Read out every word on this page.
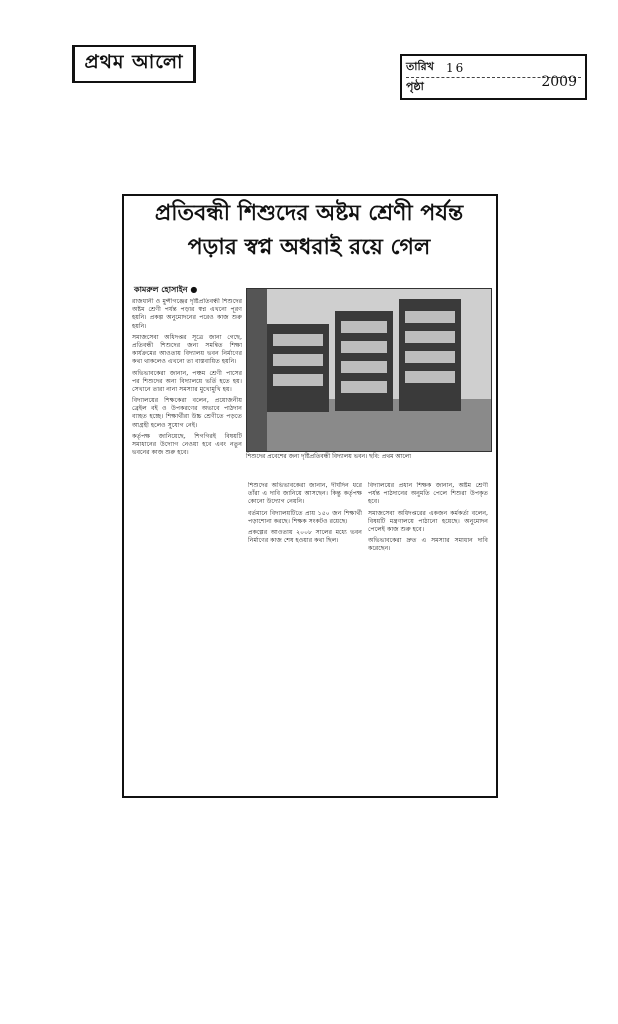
প্রথম আলো	তারিখ	16
পৃষ্ঠা	2009
প্রতিবন্ধী শিশুদের অষ্টম শ্রেণী পর্যন্ত
পড়ার স্বপ্ন অধরাই রয়ে গেল
কামরুল হোসাইন ●
শিশুদের প্রবেশের জন্য দৃষ্টিপ্রতিবন্ধী বিদ্যালয় ভবন। ছবি: প্রথম আলো

রাজধানী ও মুন্সীগঞ্জের দৃষ্টিপ্রতিবন্ধী শিশুদের অষ্টম শ্রেণী পর্যন্ত পড়ার স্বপ্ন এখনো পূরণ হয়নি। প্রকল্প অনুমোদনের পরেও কাজ শুরু হয়নি।

সমাজসেবা অধিদপ্তর সূত্রে জানা গেছে, প্রতিবন্ধী শিশুদের জন্য সমন্বিত শিক্ষা কার্যক্রমের আওতায় বিদ্যালয় ভবন নির্মাণের কথা থাকলেও এখনো তা বাস্তবায়িত হয়নি।

অভিভাবকেরা জানান, পঞ্চম শ্রেণী পাসের পর শিশুদের অন্য বিদ্যালয়ে ভর্তি হতে হয়। সেখানে তারা নানা সমস্যার মুখোমুখি হয়।

বিদ্যালয়ের শিক্ষকেরা বলেন, প্রয়োজনীয় ব্রেইল বই ও উপকরণের অভাবে পাঠদান ব্যাহত হচ্ছে। শিক্ষার্থীরা উচ্চ শ্রেণীতে পড়তে আগ্রহী হলেও সুযোগ নেই।

কর্তৃপক্ষ জানিয়েছে, শিগগিরই বিষয়টি সমাধানের উদ্যোগ নেওয়া হবে এবং নতুন ভবনের কাজ শুরু হবে।

শিশুদের অভিভাবকেরা জানান, দীর্ঘদিন ধরে তাঁরা এ দাবি জানিয়ে আসছেন। কিন্তু কর্তৃপক্ষ কোনো উদ্যোগ নেয়নি।

বর্তমানে বিদ্যালয়টিতে প্রায় ১৫০ জন শিক্ষার্থী পড়াশোনা করছে। শিক্ষক সংকটও রয়েছে।

প্রকল্পের আওতায় ২০০৮ সালের মধ্যে ভবন নির্মাণের কাজ শেষ হওয়ার কথা ছিল।

বিদ্যালয়ের প্রধান শিক্ষক জানান, অষ্টম শ্রেণী পর্যন্ত পাঠদানের অনুমতি পেলে শিশুরা উপকৃত হবে।

সমাজসেবা অধিদপ্তরের একজন কর্মকর্তা বলেন, বিষয়টি মন্ত্রণালয়ে পাঠানো হয়েছে। অনুমোদন পেলেই কাজ শুরু হবে।

অভিভাবকেরা দ্রুত এ সমস্যার সমাধান দাবি করেছেন।
